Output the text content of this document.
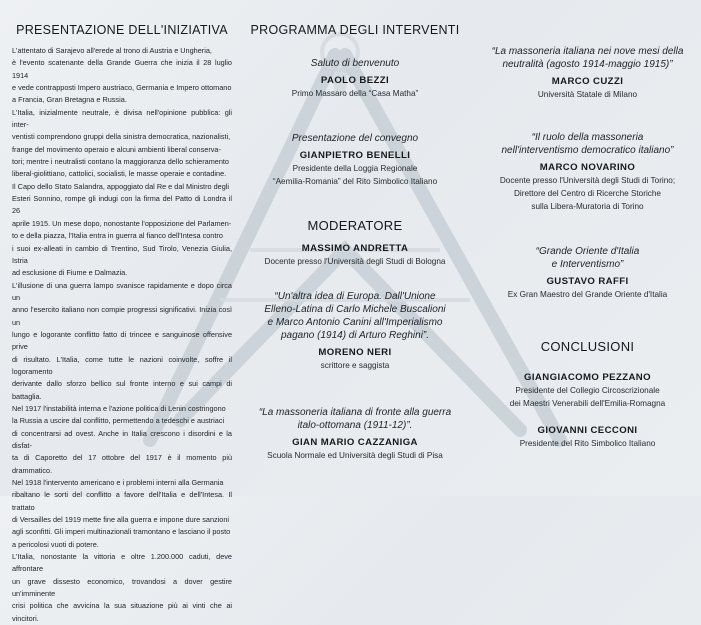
PRESENTAZIONE DELL'INIZIATIVA
L'attentato di Sarajevo all'erede al trono di Austria e Ungheria,
è l'evento scatenante della Grande Guerra che inizia il 28 luglio 1914
e vede contrapposti Impero austriaco, Germania e Impero ottomano
a Francia, Gran Bretagna e Russia.
L'Italia, inizialmente neutrale, è divisa nell'opinione pubblica: gli inter-
ventisti comprendono gruppi della sinistra democratica, nazionalisti,
frange del movimento operaio e alcuni ambienti liberal conserva-
tori; mentre i neutralisti contano la maggioranza dello schieramento
liberal-giolittiano, cattolici, socialisti, le masse operaie e contadine.
Il Capo dello Stato Salandra, appoggiato dal Re e dal Ministro degli
Esteri Sonnino, rompe gli indugi con la firma del Patto di Londra il 26
aprile 1915. Un mese dopo, nonostante l'opposizione del Parlamen-
to e della piazza, l'Italia entra in guerra al fianco dell'Intesa contro
i suoi ex-alleati in cambio di Trentino, Sud Tirolo, Venezia Giulia, Istria
ad esclusione di Fiume e Dalmazia.
L'illusione di una guerra lampo svanisce rapidamente e dopo circa un
anno l'esercito italiano non compie progressi significativi. Inizia così un
lungo e logorante conflitto fatto di trincee e sanguinose offensive prive
di risultato. L'Italia, come tutte le nazioni coinvolte, soffre il logoramento
derivante dallo sforzo bellico sul fronte interno e sui campi di battaglia.
Nel 1917 l'instabilità interna e l'azione politica di Lenin costringono
la Russia a uscire dal conflitto, permettendo a tedeschi e austriaci
di concentrarsi ad ovest. Anche in Italia crescono i disordini e la disfat-
ta di Caporetto del 17 ottobre del 1917 è il momento più drammatico.
Nel 1918 l'intervento americano e i problemi interni alla Germania
ribaltano le sorti del conflitto a favore dell'Italia e dell'Intesa. Il trattato
di Versailles del 1919 mette fine alla guerra e impone dure sanzioni
agli sconfitti. Gli imperi multinazionali tramontano e lasciano il posto
a pericolosi vuoti di potere.
L'Italia, nonostante la vittoria e oltre 1.200.000 caduti, deve affrontare
un grave dissesto economico, trovandosi a dover gestire un'imminente
crisi politica che avvicina la sua situazione più ai vinti che ai vincitori.
PROGRAMMA DEGLI INTERVENTI
Saluto di benvenuto
PAOLO BEZZI
Primo Massaro della “Casa Matha”
Presentazione del convegno
GIANPIETRO BENELLI
Presidente della Loggia Regionale
“Aemilia-Romania” del Rito Simbolico Italiano
MODERATORE
MASSIMO ANDRETTA
Docente presso l'Università degli Studi di Bologna
“Un'altra idea di Europa. Dall'Unione
Elleno-Latina di Carlo Michele Buscalioni
e Marco Antonio Canini all'Imperialismo
pagano (1914) di Arturo Reghini”.
MORENO NERI
scrittore e saggista
“La massoneria italiana di fronte alla guerra
italo-ottomana (1911-12)”.
GIAN MARIO CAZZANIGA
Scuola Normale ed Università degli Studi di Pisa
“La massoneria italiana nei nove mesi della
neutralità (agosto 1914-maggio 1915)”
MARCO CUZZI
Università Statale di Milano
“Il ruolo della massoneria
nell'interventismo democratico italiano”
MARCO NOVARINO
Docente presso l'Università degli Studi di Torino;
Direttore del Centro di Ricerche Storiche
sulla Libera-Muratoria di Torino
“Grande Oriente d'Italia
e Interventismo”
GUSTAVO RAFFI
Ex Gran Maestro del Grande Oriente d'Italia
CONCLUSIONI
GIANGIACOMO PEZZANO
Presidente del Collegio Circoscrizionale
dei Maestri Venerabili dell'Emilia-Romagna
GIOVANNI CECCONI
Presidente del Rito Simbolico Italiano
